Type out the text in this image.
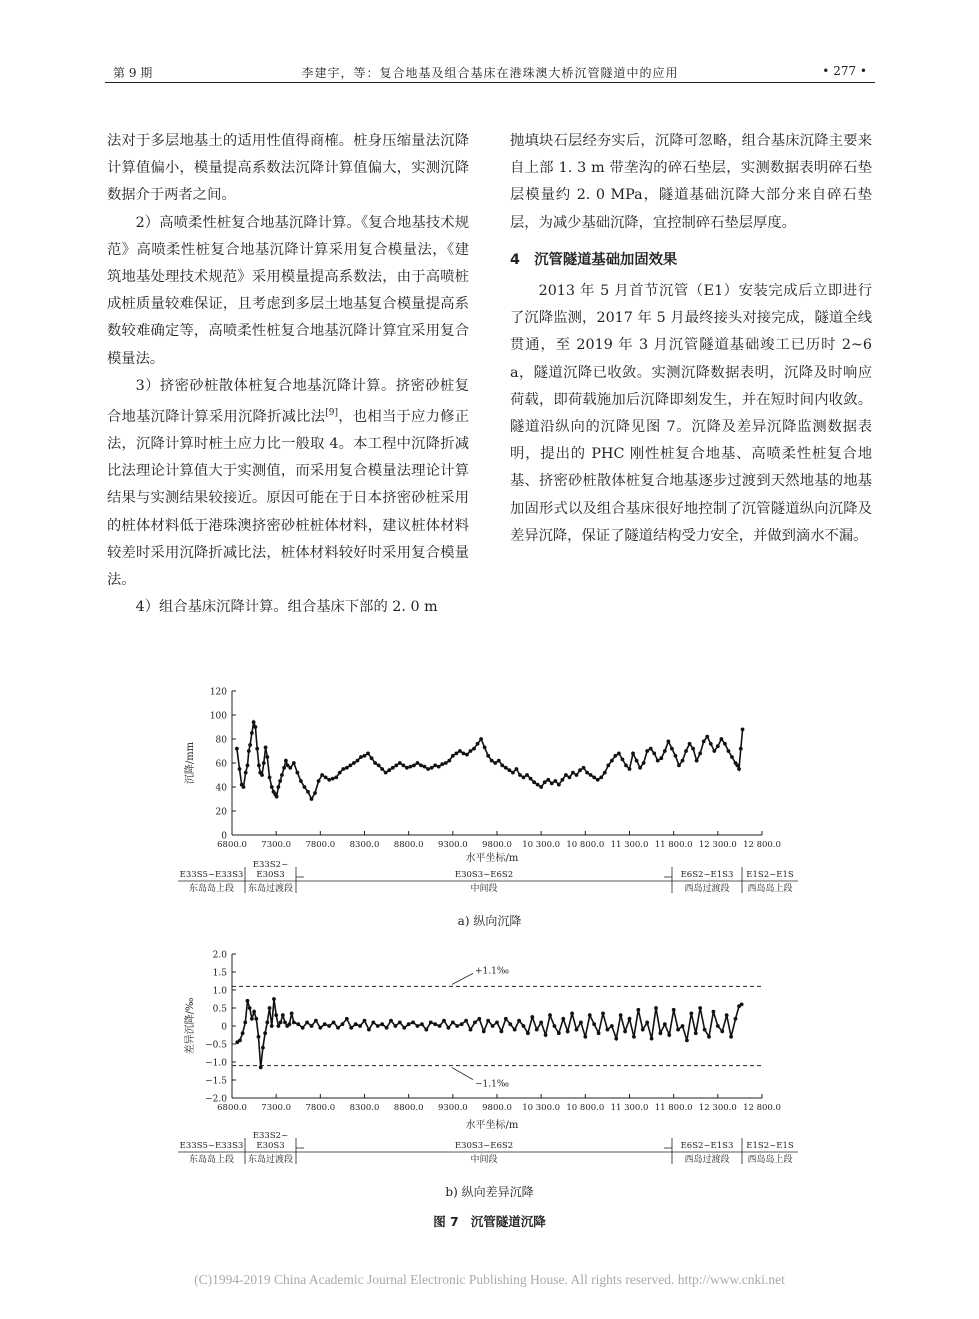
第 9 期	李建宇，等：复合地基及组合基床在港珠澳大桥沉管隧道中的应用	• 277 •

法对于多层地基土的适用性值得商榷。桩身压缩量法沉降计算值偏小，模量提高系数法沉降计算值偏大，实测沉降数据介于两者之间。

2）高喷柔性桩复合地基沉降计算。《复合地基技术规范》高喷柔性桩复合地基沉降计算采用复合模量法，《建筑地基处理技术规范》采用模量提高系数法，由于高喷桩成桩质量较难保证，且考虑到多层土地基复合模量提高系数较难确定等，高喷柔性桩复合地基沉降计算宜采用复合模量法。

3）挤密砂桩散体桩复合地基沉降计算。挤密砂桩复合地基沉降计算采用沉降折减比法[9]，也相当于应力修正法，沉降计算时桩土应力比一般取 4。本工程中沉降折减比法理论计算值大于实测值，而采用复合模量法理论计算结果与实测结果较接近。原因可能在于日本挤密砂桩采用的桩体材料低于港珠澳挤密砂桩桩体材料，建议桩体材料较差时采用沉降折减比法，桩体材料较好时采用复合模量法。

4）组合基床沉降计算。组合基床下部的 2. 0 m

抛填块石层经夯实后，沉降可忽略，组合基床沉降主要来自上部 1. 3 m 带垄沟的碎石垫层，实测数据表明碎石垫层模量约 2. 0 MPa，隧道基础沉降大部分来自碎石垫层，为减少基础沉降，宜控制碎石垫层厚度。

4　沉管隧道基础加固效果

2013 年 5 月首节沉管（E1）安装完成后立即进行了沉降监测，2017 年 5 月最终接头对接完成，隧道全线贯通，至 2019 年 3 月沉管隧道基础竣工已历时 2~6 a，隧道沉降已收敛。实测沉降数据表明，沉降及时响应荷载，即荷载施加后沉降即刻发生，并在短时间内收敛。隧道沿纵向的沉降见图 7。沉降及差异沉降监测数据表明，提出的 PHC 刚性桩复合地基、高喷柔性桩复合地基、挤密砂桩散体桩复合地基逐步过渡到天然地基的地基加固形式以及组合基床很好地控制了沉管隧道纵向沉降及差异沉降，保证了隧道结构受力安全，并做到滴水不漏。

0
20
40
60
80
100
120
6800.0 7300.0 7800.0 8300.0 8800.0 9300.0 9800.0 10 300.0 10 800.0 11 300.0 11 800.0 12 300.0 12 800.0
水平坐标/m
沉降/mm
E33S5~E33S3
东岛岛上段
E33S2~
E30S3
东岛过渡段
E30S3~E6S2
中间段
E6S2~E1S3
西岛过渡段
E1S2~E1S
西岛岛上段
a) 纵向沉降
−2.0
−1.5
−1.0
−0.5
0
0.5
1.0
1.5
2.0
6800.0 7300.0 7800.0 8300.0 8800.0 9300.0 9800.0 10 300.0 10 800.0 11 300.0 11 800.0 12 300.0 12 800.0
水平坐标/m
差异沉降/‰
+1.1‰
−1.1‰
E33S5~E33S3
东岛岛上段
E33S2~
E30S3
东岛过渡段
E30S3~E6S2
中间段
E6S2~E1S3
西岛过渡段
E1S2~E1S
西岛岛上段
b) 纵向差异沉降
图 7 沉管隧道沉降
(C)1994-2019 China Academic Journal Electronic Publishing House. All rights reserved. http://www.cnki.net
